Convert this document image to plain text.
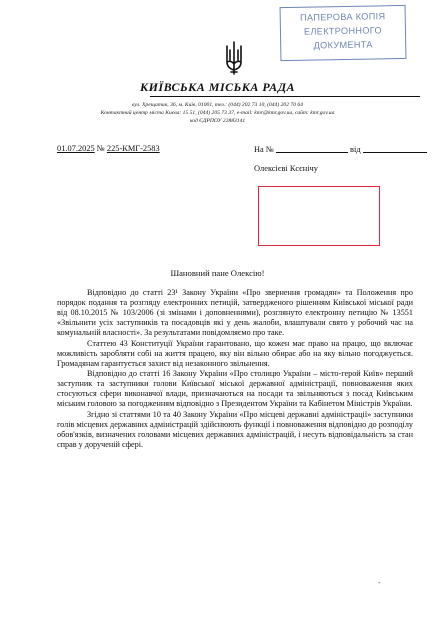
ПАПЕРОВА КОПІЯ
ЕЛЕКТРОННОГО
ДОКУМЕНТА
КИЇВСЬКА МІСЬКА РАДА
вул. Хрещатик, 36, м. Київ, 01001, тел.: (044) 202 73 10, (044) 202 70 64
Контактний центр міста Києва: 15 51, (044) 205 73 37, e-mail: kmr@kmr.gov.ua, сайт: kmr.gov.ua
код ЄДРПОУ 22883141
01.07.2025 № 225-КМГ-2583	На №	від
Олексієві Кcєнічу
Шановний пане Олексію!

Відповідно до статті 23¹ Закону України «Про звернення громадян» та Положення про порядок подання та розгляду електронних петицій, затвердженого рішенням Київської міської ради від 08.10.2015 № 103/2006 (зі змінами і доповненнями), розглянуто електронну петицію № 13551 «Звільнити усіх заступників та посадовців які у день жалоби, влаштували свято у робочий час на комунальній власності». За результатами повідомляємо про таке.

Статтею 43 Конституції України гарантовано, що кожен має право на працю, що включає можливість заробляти собі на життя працею, яку він вільно обирає або на яку вільно погоджується. Громадянам гарантується захист від незаконного звільнення.

Відповідно до статті 16 Закону України «Про столицю України – місто-герой Київ» перший заступник та заступники голови Київської міської державної адміністрації, повноваження яких стосуються сфери виконавчої влади, призначаються на посади та звільняються з посад Київським міським головою за погодженням відповідно з Президентом України та Кабінетом Міністрів України.

Згідно зі статтями 10 та 40 Закону України «Про місцеві державні адміністрації» заступники голів місцевих державних адміністрацій здійснюють функції і повноваження відповідно до розподілу обов'язків, визначених головами місцевих державних адміністрацій, і несуть відповідальність за стан справ у дорученій сфері.

-
